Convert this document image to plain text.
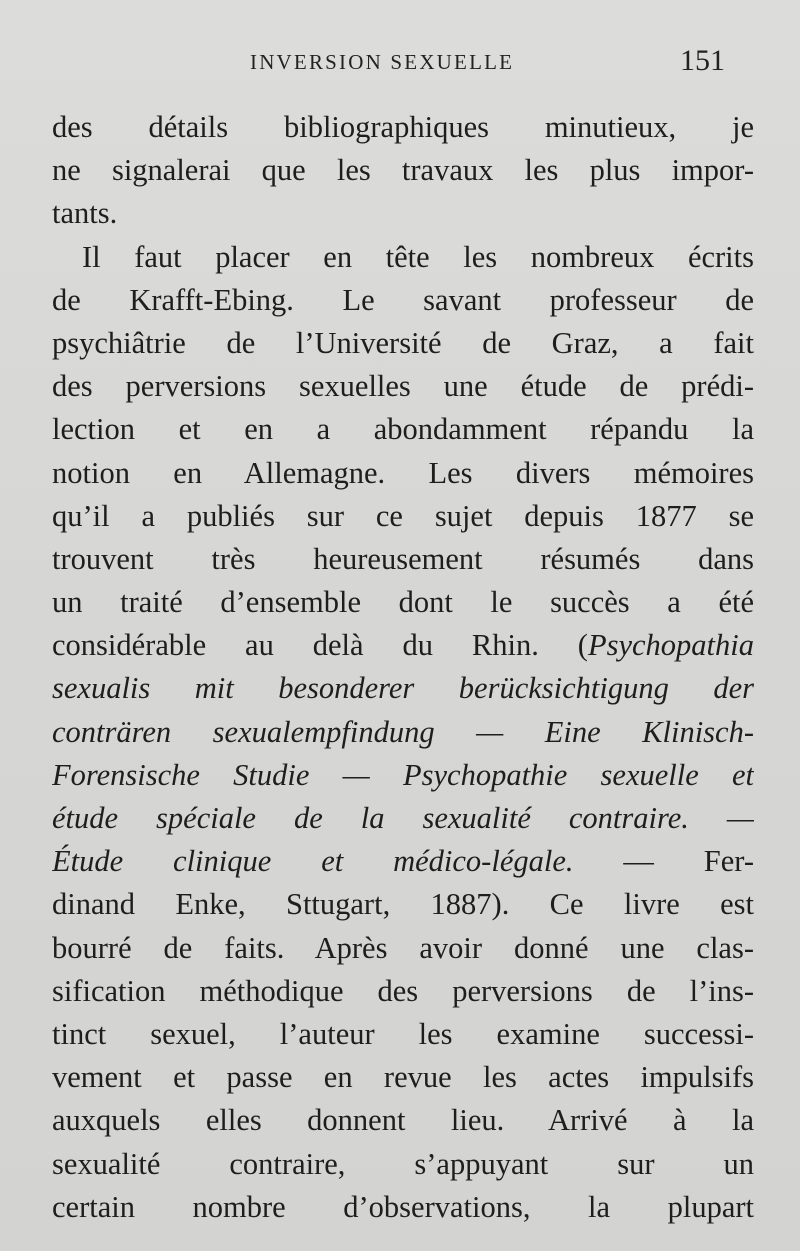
INVERSION SEXUELLE	151
des détails bibliographiques minutieux, je
ne signalerai que les travaux les plus impor-
tants.
Il faut placer en tête les nombreux écrits
de Krafft-Ebing. Le savant professeur de
psychiâtrie de l’Université de Graz, a fait
des perversions sexuelles une étude de prédi-
lection et en a abondamment répandu la
notion en Allemagne. Les divers mémoires
qu’il a publiés sur ce sujet depuis 1877 se
trouvent très heureusement résumés dans
un traité d’ensemble dont le succès a été
considérable au delà du Rhin. (Psychopathia
sexualis mit besonderer berücksichtigung der
conträren sexualempfindung — Eine Klinisch-
Forensische Studie — Psychopathie sexuelle et
étude spéciale de la sexualité contraire. —
Étude clinique et médico-légale. — Fer-
dinand Enke, Sttugart, 1887). Ce livre est
bourré de faits. Après avoir donné une clas-
sification méthodique des perversions de l’ins-
tinct sexuel, l’auteur les examine successi-
vement et passe en revue les actes impulsifs
auxquels elles donnent lieu. Arrivé à la
sexualité contraire, s’appuyant sur un
certain nombre d’observations, la plupart
